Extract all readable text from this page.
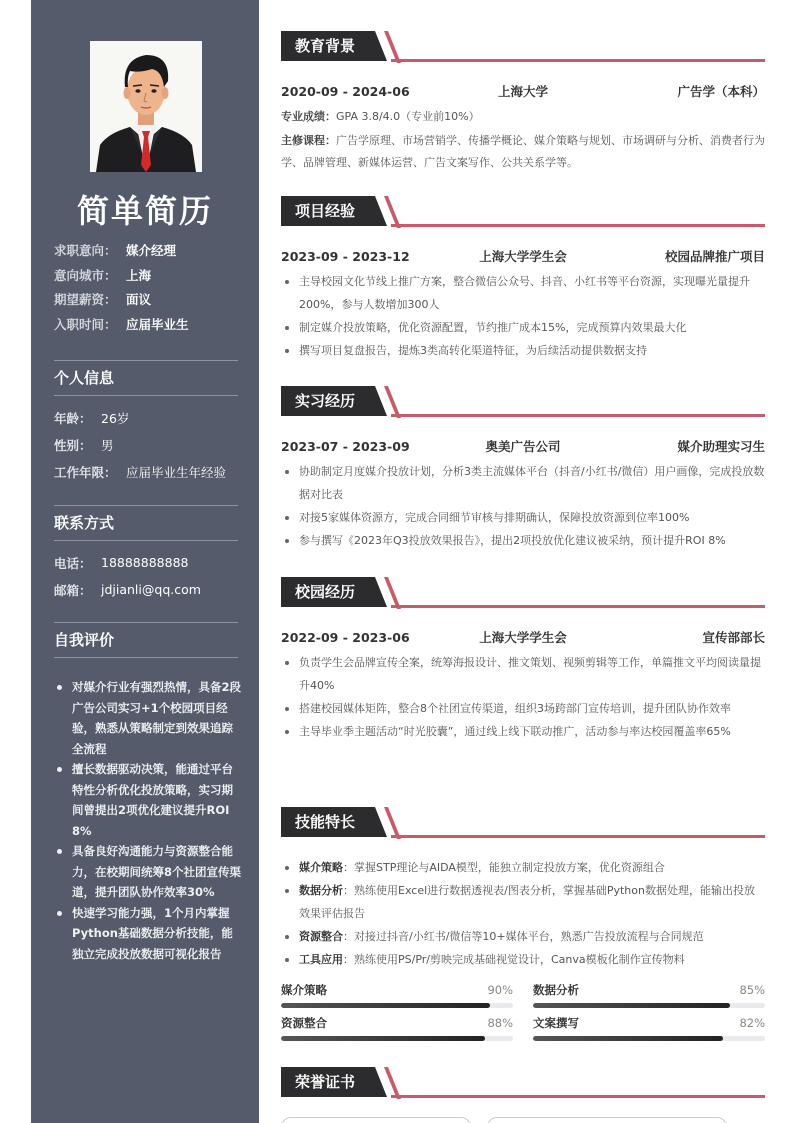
简单简历
求职意向： 媒介经理
意向城市： 上海
期望薪资： 面议
入职时间： 应届毕业生
个人信息
年龄： 26岁
性别： 男
工作年限： 应届毕业生年经验
联系方式
电话： 18888888888
邮箱： jdjianli@qq.com
自我评价
对媒介行业有强烈热情，具备2段广告公司实习+1个校园项目经验，熟悉从策略制定到效果追踪全流程
擅长数据驱动决策，能通过平台特性分析优化投放策略，实习期间曾提出2项优化建议提升ROI 8%
具备良好沟通能力与资源整合能力，在校期间统筹8个社团宣传渠道，提升团队协作效率30%
快速学习能力强，1个月内掌握Python基础数据分析技能，能独立完成投放数据可视化报告
教育背景
2020-09 - 2024-06	上海大学	广告学（本科）
专业成绩：GPA 3.8/4.0（专业前10%）
主修课程：广告学原理、市场营销学、传播学概论、媒介策略与规划、市场调研与分析、消费者行为学、品牌管理、新媒体运营、广告文案写作、公共关系学等。
项目经验
2023-09 - 2023-12	上海大学学生会	校园品牌推广项目
主导校园文化节线上推广方案，整合微信公众号、抖音、小红书等平台资源，实现曝光量提升200%，参与人数增加300人
制定媒介投放策略，优化资源配置，节约推广成本15%，完成预算内效果最大化
撰写项目复盘报告，提炼3类高转化渠道特征，为后续活动提供数据支持
实习经历
2023-07 - 2023-09	奥美广告公司	媒介助理实习生
协助制定月度媒介投放计划，分析3类主流媒体平台（抖音/小红书/微信）用户画像，完成投放数据对比表
对接5家媒体资源方，完成合同细节审核与排期确认，保障投放资源到位率100%
参与撰写《2023年Q3投放效果报告》，提出2项投放优化建议被采纳，预计提升ROI 8%
校园经历
2022-09 - 2023-06	上海大学学生会	宣传部部长
负责学生会品牌宣传全案，统筹海报设计、推文策划、视频剪辑等工作，单篇推文平均阅读量提升40%
搭建校园媒体矩阵，整合8个社团宣传渠道，组织3场跨部门宣传培训，提升团队协作效率
主导毕业季主题活动“时光胶囊”，通过线上线下联动推广，活动参与率达校园覆盖率65%
技能特长
媒介策略：掌握STP理论与AIDA模型，能独立制定投放方案，优化资源组合
数据分析：熟练使用Excel进行数据透视表/图表分析，掌握基础Python数据处理，能输出投放效果评估报告
资源整合：对接过抖音/小红书/微信等10+媒体平台，熟悉广告投放流程与合同规范
工具应用：熟练使用PS/Pr/剪映完成基础视觉设计，Canva模板化制作宣传物料
媒介策略	90% 数据分析	85%
资源整合	88% 文案撰写	82%
荣誉证书
